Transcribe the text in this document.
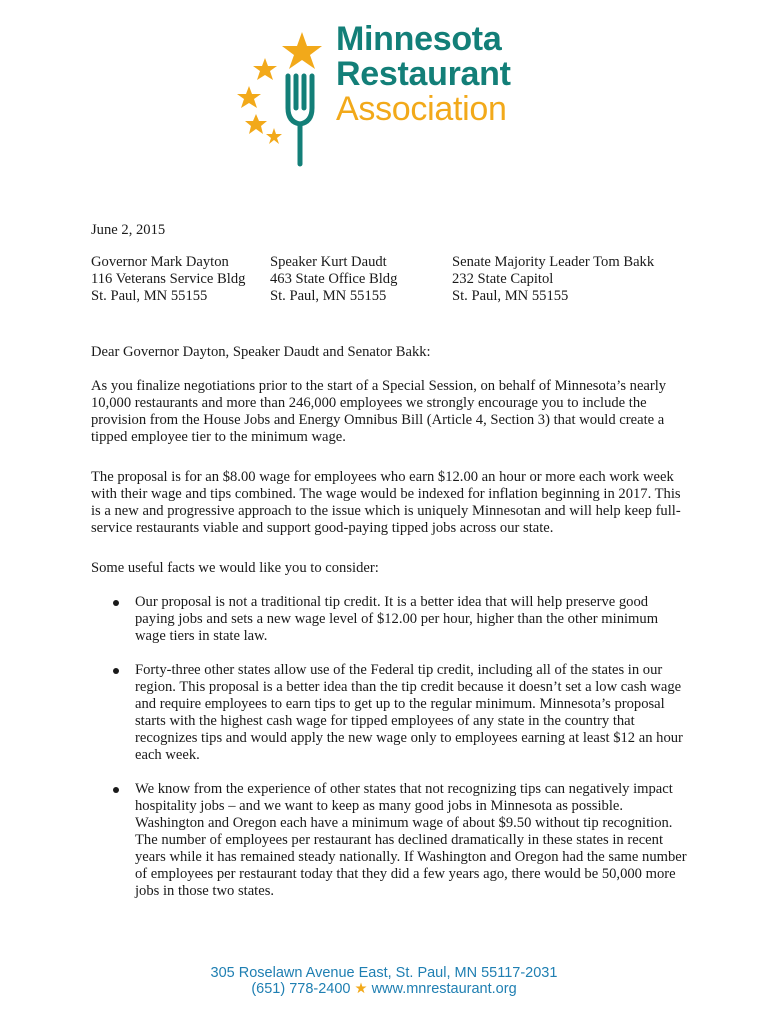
Minnesota
Restaurant
Association
June 2, 2015
Governor Mark Dayton
116 Veterans Service Bldg
St. Paul, MN 55155
Speaker Kurt Daudt
463 State Office Bldg
St. Paul, MN 55155
Senate Majority Leader Tom Bakk
232 State Capitol
St. Paul, MN 55155
Dear Governor Dayton, Speaker Daudt and Senator Bakk:
As you finalize negotiations prior to the start of a Special Session, on behalf of Minnesota’s nearly 10,000 restaurants and more than 246,000 employees we strongly encourage you to include the provision from the House Jobs and Energy Omnibus Bill (Article 4, Section 3) that would create a tipped employee tier to the minimum wage.
The proposal is for an $8.00 wage for employees who earn $12.00 an hour or more each work week with their wage and tips combined. The wage would be indexed for inflation beginning in 2017. This is a new and progressive approach to the issue which is uniquely Minnesotan and will help keep full-service restaurants viable and support good-paying tipped jobs across our state.
Some useful facts we would like you to consider:
Our proposal is not a traditional tip credit. It is a better idea that will help preserve good paying jobs and sets a new wage level of $12.00 per hour, higher than the other minimum wage tiers in state law.
Forty-three other states allow use of the Federal tip credit, including all of the states in our region. This proposal is a better idea than the tip credit because it doesn’t set a low cash wage and require employees to earn tips to get up to the regular minimum. Minnesota’s proposal starts with the highest cash wage for tipped employees of any state in the country that recognizes tips and would apply the new wage only to employees earning at least $12 an hour each week.
We know from the experience of other states that not recognizing tips can negatively impact hospitality jobs – and we want to keep as many good jobs in Minnesota as possible. Washington and Oregon each have a minimum wage of about $9.50 without tip recognition. The number of employees per restaurant has declined dramatically in these states in recent years while it has remained steady nationally. If Washington and Oregon had the same number of employees per restaurant today that they did a few years ago, there would be 50,000 more jobs in those two states.
305 Roselawn Avenue East, St. Paul, MN 55117-2031
(651) 778-2400 ★ www.mnrestaurant.org
